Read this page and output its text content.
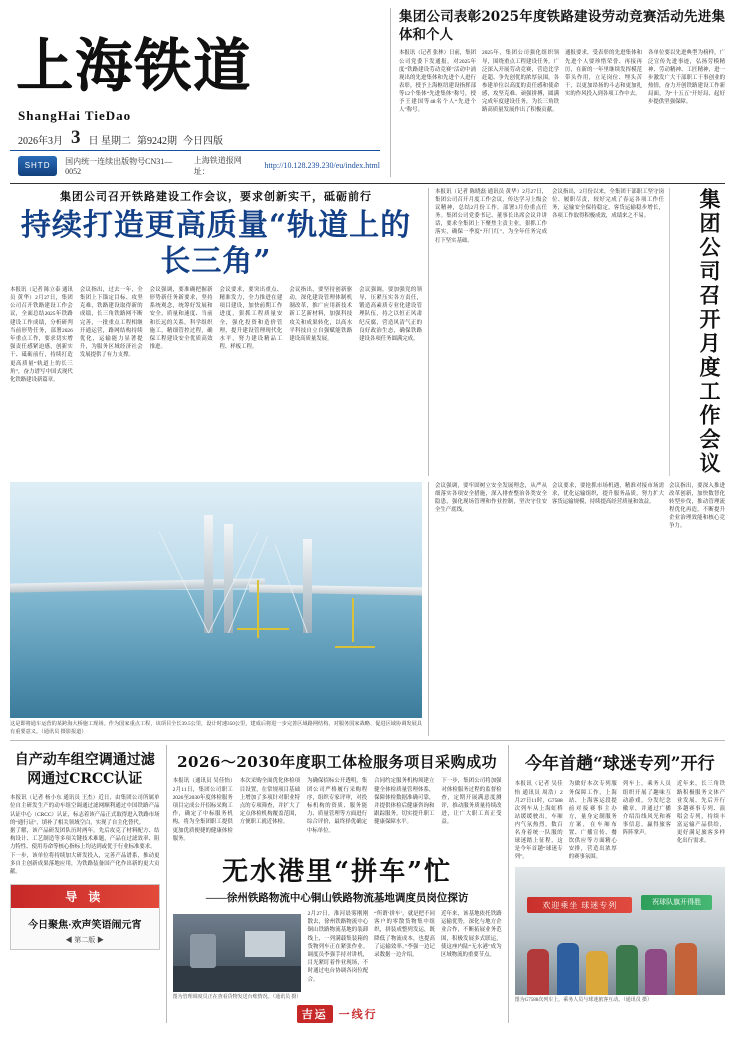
上海铁道
ShangHai TieDao
2026年3月 3 日 星期二 第9242期 今日四版
SHTD	国内统一连续出版物号CN31—0052
上海铁道报网址：
http://10.128.239.230/eu/index.html
集团公司表彰2025年度铁路建设劳动竞赛活动先进集体和个人
本报讯（记者 张林）日前，集团公司党委下发通报，对2025年度“铁路建设劳动竞赛”活动中涌现出的先进集体和先进个人进行表彰，授予上海枢纽建设指挥部等12个集体“先进集体”称号，授予王建国等48名个人“先进个人”称号。
2025年，集团公司强化组织领导，围绕重点工程建设任务，广泛深入开展劳动竞赛，营造比学赶超、争先创优的浓厚氛围，各参建单位以高度的责任感和使命感，攻坚克难、顽强拼搏，圆满完成年度建设任务，为长三角铁路高质量发展作出了积极贡献。
通报要求，受表彰的先进集体和先进个人要珍惜荣誉、再接再厉，在新的一年里继续发挥模范带头作用，立足岗位、埋头苦干，以更加昂扬的斗志和更加扎实的作风投入到各项工作中去。
各单位要以先进典型为榜样，广泛宣传先进事迹，弘扬劳模精神、劳动精神、工匠精神，进一步激发广大干部职工干事创业的热情，奋力开创铁路建设工作新局面，为“十五五”开好局、起好步提供坚强保障。
集团公司召开铁路建设工作会议，要求创新实干，砥砺前行
持续打造更高质量“轨道上的长三角”
本报讯（记者 陈立泰 通讯员 黄华）2月27日，集团公司召开铁路建设工作会议，全面总结2025年铁路建设工作成绩，分析研判当前形势任务，部署2026年重点工作，要求切实增强责任感紧迫感，创新实干、砥砺前行，持续打造更高质量“轨道上的长三角”，奋力谱写中国式现代化铁路建设新篇章。
会议指出，过去一年，全集团上下锚定目标、攻坚克难，铁路建设取得新的成绩，长三角铁路网不断完善，一批重点工程相继开通运营，路网结构持续优化，运输能力显著提升，为服务区域经济社会发展提供了有力支撑。
会议强调，要准确把握新形势新任务新要求，坚持系统观念，统筹好发展和安全、质量和速度、当前和长远的关系，科学组织施工，精细管控过程，确保工程建设安全优质高效推进。
会议要求，要突出重点、精准发力，全力推进在建项目建设，加快前期工作进度，狠抓工程质量安全，强化投资和造价管理，提升建设管理现代化水平，努力建设精品工程、样板工程。
会议指出，要坚持创新驱动，深化建设管理体制机制改革，推广应用新技术新工艺新材料，加强科技攻关和成果转化，以高水平科技自立自强赋能铁路建设高质量发展。
会议强调，要加强党的领导，压紧压实各方责任，锻造高素质专业化建设管理队伍，持之以恒正风肃纪反腐，营造风清气正的良好政治生态，确保铁路建设各项任务圆满完成。
本报讯（记者 陈晓磊 通讯员 黄华）2月27日，集团公司召开月度工作会议，传达学习上级会议精神，总结2月份工作，部署3月份重点任务。集团公司党委书记、董事长出席会议并讲话，要求全集团上下聚焦主责主业，狠抓工作落实，确保一季度“开门红”，为全年任务完成打下坚实基础。
会议指出，2月份以来，全集团干部职工坚守岗位、履职尽责，较好完成了春运各项工作任务，运输安全保持稳定，客货运输稳步增长，各项工作取得积极成效，成绩来之不易。	集团公司召开月度工作会议
这是即将通车运营的某跨海大桥施工现场。作为国家重点工程，该项目全长39.5公里，设计时速350公里，建成后将进一步完善区域路网结构，对服务国家战略、促进区域协调发展具有重要意义。（通讯员 摄影报道）
会议强调，要牢固树立安全发展理念，从严从细落实各项安全措施，深入排查整治各类安全隐患，强化现场管理和作业控制，坚决守住安全生产底线。
会议要求，要抢抓市场机遇，精准对接市场需求，优化运输组织，提升服务品质，努力扩大客货运输规模，持续提高经营质量和效益。
会议指出，要深入推进改革创新，加快数智化转型步伐，推动管理流程优化再造，不断提升企业治理效能和核心竞争力。
自产动车组空调通过滤网通过CRCC认证
本报讯（记者 杨小东 通讯员 王杰）近日，由集团公司所属单位自主研发生产的动车组空调通过滤网顺利通过中国铁路产品认证中心（CRCC）认证，标志着该产品正式取得进入铁路市场的“通行证”，填补了相关领域空白，实现了自主化替代。
据了解，该产品研发团队历时两年，先后攻克了材料配方、结构设计、工艺制造等多项关键技术难题，产品在过滤效率、阻力特性、使用寿命等核心指标上均达到或优于行业标准要求。
下一步，该单位将持续加大研发投入，完善产品谱系，推动更多自主创新成果落地应用，为铁路装备国产化作出新的更大贡献。
导 读
今日聚焦·欢声笑语闹元宵
◀ 第二版 ▶
2026～2030年度职工体检服务项目采购成功
本报讯（通讯员 吴佳怡）2月11日，集团公司职工2026至2030年度体检服务项目完成公开招标采购工作，确定了中标服务机构，将为全集团职工提供更加优质便捷的健康体检服务。
本次采购全面优化体检项目设置，在常规项目基础上增加了多项针对职业特点的专项筛查，并扩大了定点体检机构覆盖范围，方便职工就近体检。
为确保招标公开透明，集团公司严格履行采购程序，组织专家评审，对投标机构的资质、服务能力、质量管理等方面进行综合评价，最终择优确定中标单位。
合同约定服务机构须建立健全体检质量管理体系，保障体检数据准确可靠，并提供体检后健康咨询和跟踪服务，切实提升职工健康保障水平。
下一步，集团公司将加强对体检服务过程的监督检查，定期开展满意度测评，推动服务质量持续改进，让广大职工真正受益。
无水港里“拼车”忙
——徐州铁路物流中心铜山铁路物流基地调度员岗位探访
图为管理调度员正在查看货物发送台账情况。（通讯员 摄）
2月27日，淮河晨雾刚刚散去，徐州铁路物流中心铜山铁路物流基地的装卸线上，一列满载集装箱的货物列车正在紧张作业。调度员李强手持对讲机，目光紧盯着作业现场，不时通过电台协调各岗位配合。
“所谓‘拼车’，就是把不同客户的零散货物集中组织，拼装成整列发运，既降低了物流成本，也提高了运输效率。”李强一边记录数据一边介绍。
近年来，该基地依托铁路运输优势，深化与地方企业合作，不断拓展业务范围，积极发展多式联运，使这座内陆“无水港”成为区域物流的重要节点。
吉运	一线行
今年首趟“球迷专列”开行
本报讯（记者 吴佳怡 通讯员 周浩）2月27日11时，G7588次列车从上海虹桥站缓缓驶出，车厢内气氛热烈，数百名身着统一队服的球迷踏上征程，这是今年首趟“球迷专列”。
为做好本次专列服务保障工作，上海站、上海客运段提前对接赛事主办方，量身定制服务方案，在车厢布置、广播宣传、餐饮供应等方面精心安排，营造出浓厚的赛事氛围。
列车上，乘务人员组织开展了趣味互动游戏，分发纪念徽章，并通过广播介绍沿线风光和赛事信息，赢得旅客阵阵掌声。
近年来，长三角铁路积极服务文体产业发展，先后开行多趟赛事专列、演唱会专列，持续丰富运输产品供给，更好满足旅客多样化出行需求。
欢迎乘坐 球迷专列	祝球队旗开得胜
图为G7588次列车上，乘务人员与球迷旅客互动。（通讯员 摄）
